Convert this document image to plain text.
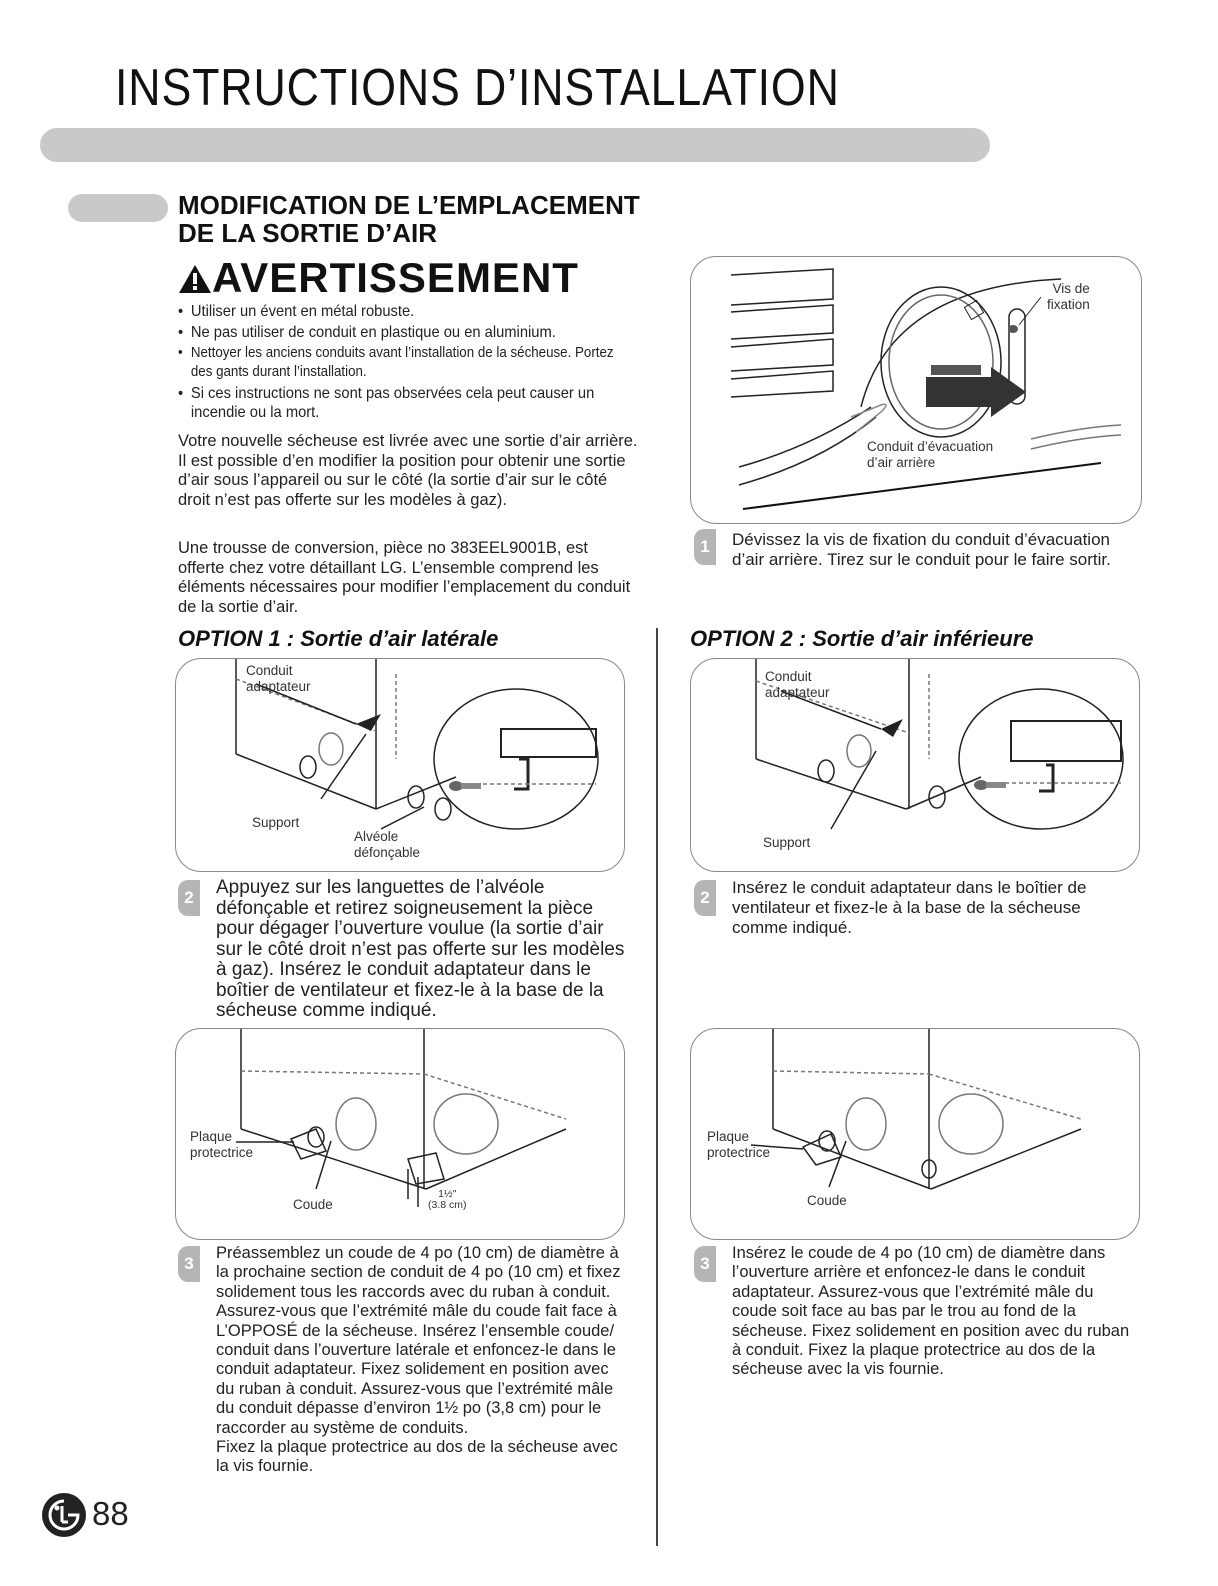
INSTRUCTIONS D’INSTALLATION
MODIFICATION DE L’EMPLACEMENT
DE LA SORTIE D’AIR
AVERTISSEMENT
• Utiliser un évent en métal robuste.
• Ne pas utiliser de conduit en plastique ou en aluminium.
• Nettoyer les anciens conduits avant l’installation de la sécheuse. Portez des gants durant l’installation.
• Si ces instructions ne sont pas observées cela peut causer un incendie ou la mort.
Votre nouvelle sécheuse est livrée avec une sortie d’air arrière. Il est possible d’en modifier la position pour obtenir une sortie d’air sous l’appareil ou sur le côté (la sortie d’air sur le côté droit n’est pas offerte sur les modèles à gaz).
Une trousse de conversion, pièce no 383EEL9001B, est offerte chez votre détaillant LG. L’ensemble comprend les éléments nécessaires pour modifier l’emplacement du conduit de la sortie d’air.
Vis de
fixation
Conduit d’évacuation
d’air arrière
1	Dévissez la vis de fixation du conduit d’évacuation d’air arrière. Tirez sur le conduit pour le faire sortir.
OPTION 1 : Sortie d’air latérale	OPTION 2 : Sortie d’air inférieure
Conduit
adaptateur
Support
Alvéole
défonçable
2	Appuyez sur les languettes de l’alvéole défonçable et retirez soigneusement la pièce pour dégager l’ouverture voulue (la sortie d’air sur le côté droit n’est pas offerte sur les modèles à gaz). Insérez le conduit adaptateur dans le boîtier de ventilateur et fixez-le à la base de la sécheuse comme indiqué.
Plaque
protectrice
Coude
1½"
(3.8 cm)
3
Préassemblez un coude de 4 po (10 cm) de diamètre à la prochaine section de conduit de 4 po (10 cm) et fixez solidement tous les raccords avec du ruban à conduit. Assurez-vous que l’extrémité mâle du coude fait face à L’OPPOSÉ de la sécheuse. Insérez l’ensemble coude/ conduit dans l’ouverture latérale et enfoncez-le dans le conduit adaptateur. Fixez solidement en position avec du ruban à conduit. Assurez-vous que l’extrémité mâle du conduit dépasse d’environ 1½ po (3,8 cm) pour le raccorder au système de conduits.
Fixez la plaque protectrice au dos de la sécheuse avec la vis fournie.
Conduit
adaptateur
Support
2
Insérez le conduit adaptateur dans le boîtier de ventilateur et fixez-le à la base de la sécheuse comme indiqué.
Plaque
protectrice
Coude
3
Insérez le coude de 4 po (10 cm) de diamètre dans l’ouverture arrière et enfoncez-le dans le conduit adaptateur. Assurez-vous que l’extrémité mâle du coude soit face au bas par le trou au fond de la sécheuse. Fixez solidement en position avec du ruban à conduit. Fixez la plaque protectrice au dos de la sécheuse avec la vis fournie.
88
